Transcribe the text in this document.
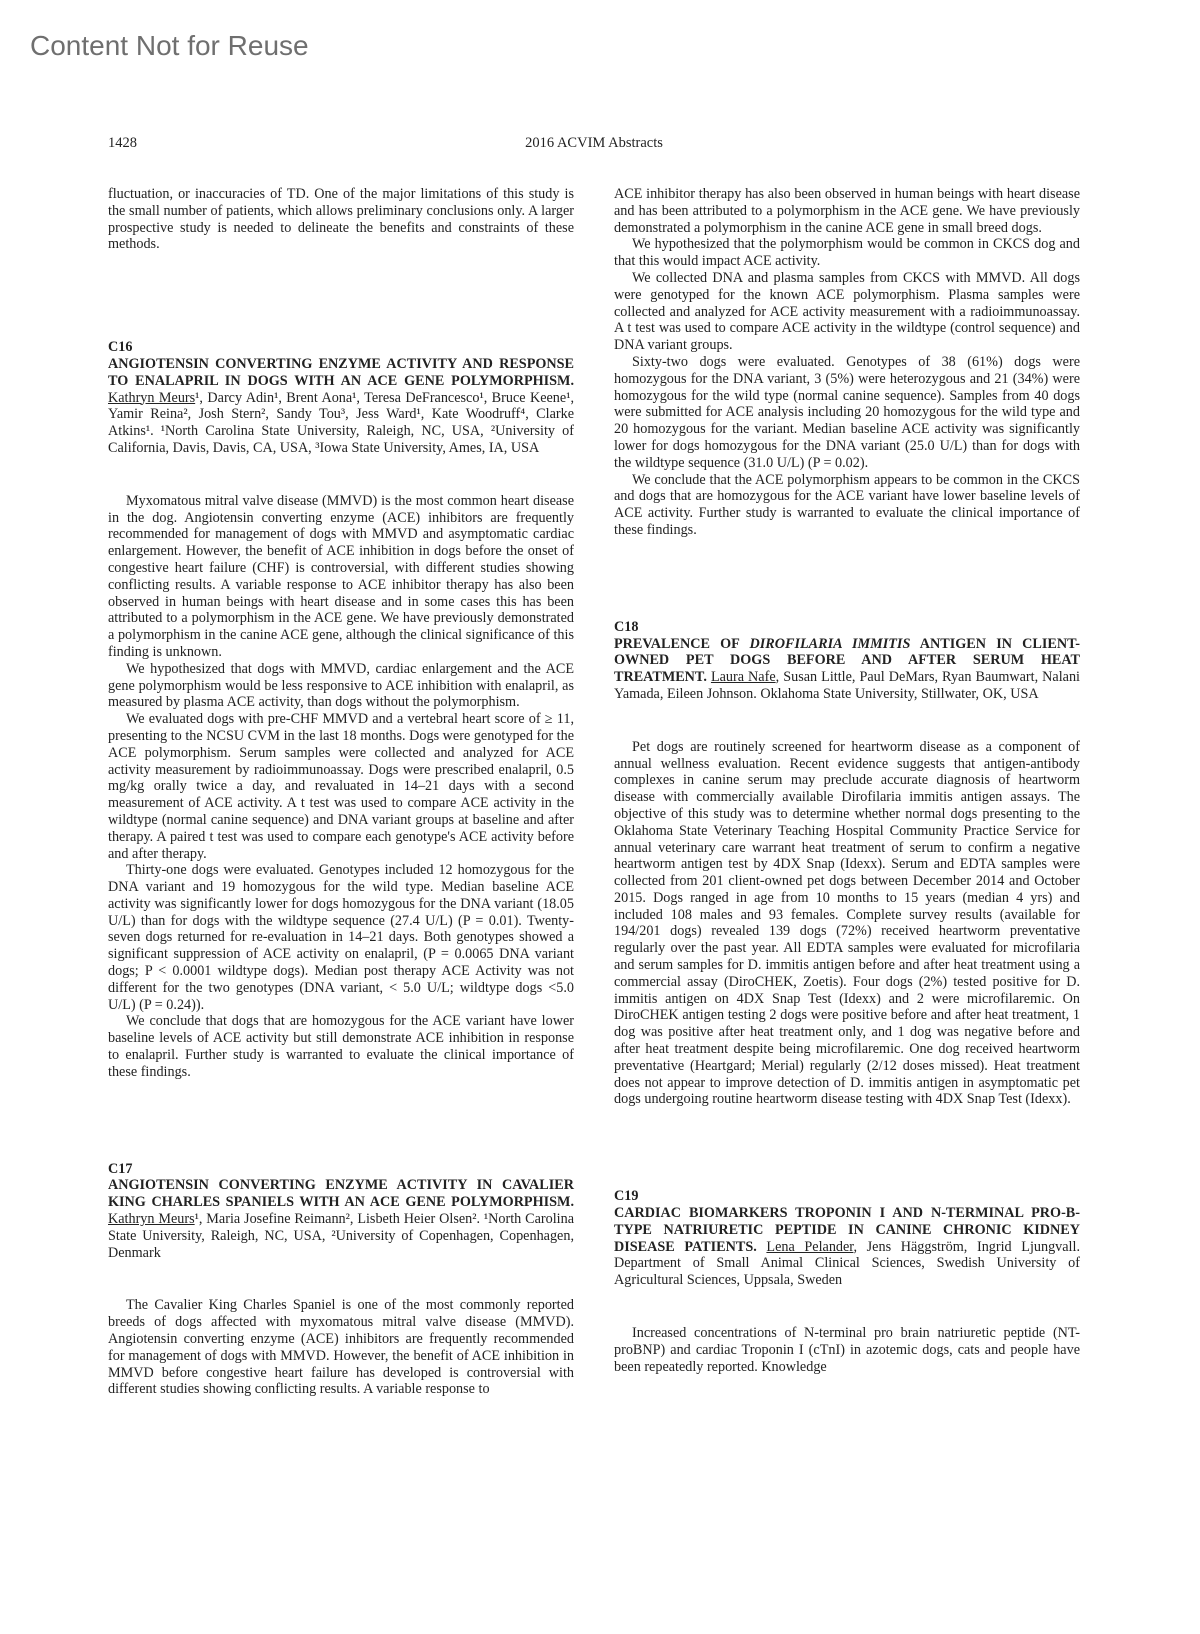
Content Not for Reuse
1428	2016 ACVIM Abstracts

fluctuation, or inaccuracies of TD. One of the major limitations of this study is the small number of patients, which allows preliminary conclusions only. A larger prospective study is needed to delineate the benefits and constraints of these methods.

C16

ANGIOTENSIN CONVERTING ENZYME ACTIVITY AND RESPONSE TO ENALAPRIL IN DOGS WITH AN ACE GENE POLYMORPHISM. Kathryn Meurs¹, Darcy Adin¹, Brent Aona¹, Teresa DeFrancesco¹, Bruce Keene¹, Yamir Reina², Josh Stern², Sandy Tou³, Jess Ward¹, Kate Woodruff⁴, Clarke Atkins¹. ¹North Carolina State University, Raleigh, NC, USA, ²University of California, Davis, Davis, CA, USA, ³Iowa State University, Ames, IA, USA

Myxomatous mitral valve disease (MMVD) is the most common heart disease in the dog. Angiotensin converting enzyme (ACE) inhibitors are frequently recommended for management of dogs with MMVD and asymptomatic cardiac enlargement. However, the benefit of ACE inhibition in dogs before the onset of congestive heart failure (CHF) is controversial, with different studies showing conflicting results. A variable response to ACE inhibitor therapy has also been observed in human beings with heart disease and in some cases this has been attributed to a polymorphism in the ACE gene. We have previously demonstrated a polymorphism in the canine ACE gene, although the clinical significance of this finding is unknown.

We hypothesized that dogs with MMVD, cardiac enlargement and the ACE gene polymorphism would be less responsive to ACE inhibition with enalapril, as measured by plasma ACE activity, than dogs without the polymorphism.

We evaluated dogs with pre-CHF MMVD and a vertebral heart score of ≥ 11, presenting to the NCSU CVM in the last 18 months. Dogs were genotyped for the ACE polymorphism. Serum samples were collected and analyzed for ACE activity measurement by radioimmunoassay. Dogs were prescribed enalapril, 0.5 mg/kg orally twice a day, and revaluated in 14–21 days with a second measurement of ACE activity. A t test was used to compare ACE activity in the wildtype (normal canine sequence) and DNA variant groups at baseline and after therapy. A paired t test was used to compare each genotype's ACE activity before and after therapy.

Thirty-one dogs were evaluated. Genotypes included 12 homozygous for the DNA variant and 19 homozygous for the wild type. Median baseline ACE activity was significantly lower for dogs homozygous for the DNA variant (18.05 U/L) than for dogs with the wildtype sequence (27.4 U/L) (P = 0.01). Twenty-seven dogs returned for re-evaluation in 14–21 days. Both genotypes showed a significant suppression of ACE activity on enalapril, (P = 0.0065 DNA variant dogs; P < 0.0001 wildtype dogs). Median post therapy ACE Activity was not different for the two genotypes (DNA variant, < 5.0 U/L; wildtype dogs <5.0 U/L) (P = 0.24)).

We conclude that dogs that are homozygous for the ACE variant have lower baseline levels of ACE activity but still demonstrate ACE inhibition in response to enalapril. Further study is warranted to evaluate the clinical importance of these findings.

C17

ANGIOTENSIN CONVERTING ENZYME ACTIVITY IN CAVALIER KING CHARLES SPANIELS WITH AN ACE GENE POLYMORPHISM. Kathryn Meurs¹, Maria Josefine Reimann², Lisbeth Heier Olsen². ¹North Carolina State University, Raleigh, NC, USA, ²University of Copenhagen, Copenhagen, Denmark

The Cavalier King Charles Spaniel is one of the most commonly reported breeds of dogs affected with myxomatous mitral valve disease (MMVD). Angiotensin converting enzyme (ACE) inhibitors are frequently recommended for management of dogs with MMVD. However, the benefit of ACE inhibition in MMVD before congestive heart failure has developed is controversial with different studies showing conflicting results. A variable response to

ACE inhibitor therapy has also been observed in human beings with heart disease and has been attributed to a polymorphism in the ACE gene. We have previously demonstrated a polymorphism in the canine ACE gene in small breed dogs.

We hypothesized that the polymorphism would be common in CKCS dog and that this would impact ACE activity.

We collected DNA and plasma samples from CKCS with MMVD. All dogs were genotyped for the known ACE polymorphism. Plasma samples were collected and analyzed for ACE activity measurement with a radioimmunoassay. A t test was used to compare ACE activity in the wildtype (control sequence) and DNA variant groups.

Sixty-two dogs were evaluated. Genotypes of 38 (61%) dogs were homozygous for the DNA variant, 3 (5%) were heterozygous and 21 (34%) were homozygous for the wild type (normal canine sequence). Samples from 40 dogs were submitted for ACE analysis including 20 homozygous for the wild type and 20 homozygous for the variant. Median baseline ACE activity was significantly lower for dogs homozygous for the DNA variant (25.0 U/L) than for dogs with the wildtype sequence (31.0 U/L) (P = 0.02).

We conclude that the ACE polymorphism appears to be common in the CKCS and dogs that are homozygous for the ACE variant have lower baseline levels of ACE activity. Further study is warranted to evaluate the clinical importance of these findings.

C18

PREVALENCE OF DIROFILARIA IMMITIS ANTIGEN IN CLIENT-OWNED PET DOGS BEFORE AND AFTER SERUM HEAT TREATMENT. Laura Nafe, Susan Little, Paul DeMars, Ryan Baumwart, Nalani Yamada, Eileen Johnson. Oklahoma State University, Stillwater, OK, USA

Pet dogs are routinely screened for heartworm disease as a component of annual wellness evaluation. Recent evidence suggests that antigen-antibody complexes in canine serum may preclude accurate diagnosis of heartworm disease with commercially available Dirofilaria immitis antigen assays. The objective of this study was to determine whether normal dogs presenting to the Oklahoma State Veterinary Teaching Hospital Community Practice Service for annual veterinary care warrant heat treatment of serum to confirm a negative heartworm antigen test by 4DX Snap (Idexx). Serum and EDTA samples were collected from 201 client-owned pet dogs between December 2014 and October 2015. Dogs ranged in age from 10 months to 15 years (median 4 yrs) and included 108 males and 93 females. Complete survey results (available for 194/201 dogs) revealed 139 dogs (72%) received heartworm preventative regularly over the past year. All EDTA samples were evaluated for microfilaria and serum samples for D. immitis antigen before and after heat treatment using a commercial assay (DiroCHEK, Zoetis). Four dogs (2%) tested positive for D. immitis antigen on 4DX Snap Test (Idexx) and 2 were microfilaremic. On DiroCHEK antigen testing 2 dogs were positive before and after heat treatment, 1 dog was positive after heat treatment only, and 1 dog was negative before and after heat treatment despite being microfilaremic. One dog received heartworm preventative (Heartgard; Merial) regularly (2/12 doses missed). Heat treatment does not appear to improve detection of D. immitis antigen in asymptomatic pet dogs undergoing routine heartworm disease testing with 4DX Snap Test (Idexx).

C19

CARDIAC BIOMARKERS TROPONIN I AND N-TERMINAL PRO-B-TYPE NATRIURETIC PEPTIDE IN CANINE CHRONIC KIDNEY DISEASE PATIENTS. Lena Pelander, Jens Häggström, Ingrid Ljungvall. Department of Small Animal Clinical Sciences, Swedish University of Agricultural Sciences, Uppsala, Sweden

Increased concentrations of N-terminal pro brain natriuretic peptide (NT-proBNP) and cardiac Troponin I (cTnI) in azotemic dogs, cats and people have been repeatedly reported. Knowledge
